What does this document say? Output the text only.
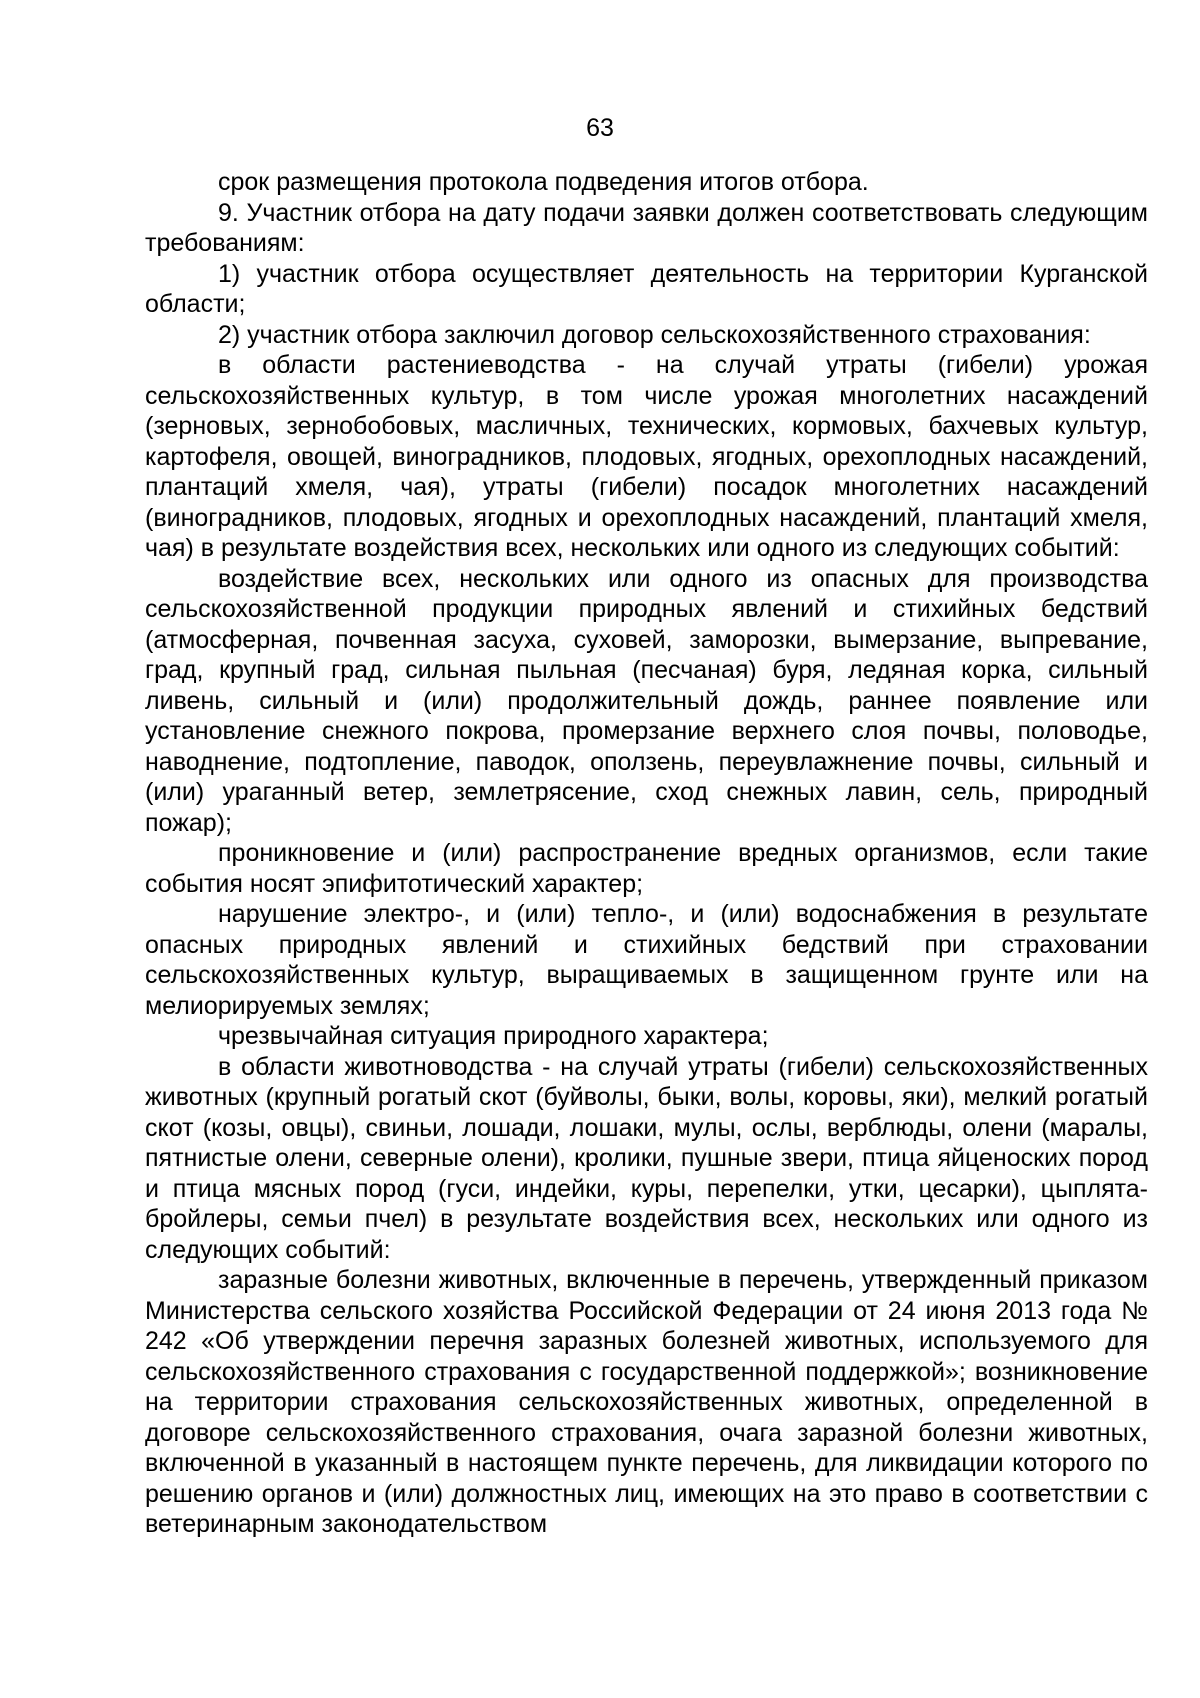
63

срок размещения протокола подведения итогов отбора.

9. Участник отбора на дату подачи заявки должен соответствовать следующим требованиям:

1) участник отбора осуществляет деятельность на территории Курганской области;

2) участник отбора заключил договор сельскохозяйственного страхования:

в области растениеводства - на случай утраты (гибели) урожая сельскохозяйственных культур, в том числе урожая многолетних насаждений (зерновых, зернобобовых, масличных, технических, кормовых, бахчевых культур, картофеля, овощей, виноградников, плодовых, ягодных, орехоплодных насаждений, плантаций хмеля, чая), утраты (гибели) посадок многолетних насаждений (виноградников, плодовых, ягодных и орехоплодных насаждений, плантаций хмеля, чая) в результате воздействия всех, нескольких или одного из следующих событий:

воздействие всех, нескольких или одного из опасных для производства сельскохозяйственной продукции природных явлений и стихийных бедствий (атмосферная, почвенная засуха, суховей, заморозки, вымерзание, выпревание, град, крупный град, сильная пыльная (песчаная) буря, ледяная корка, сильный ливень, сильный и (или) продолжительный дождь, раннее появление или установление снежного покрова, промерзание верхнего слоя почвы, половодье, наводнение, подтопление, паводок, оползень, переувлажнение почвы, сильный и (или) ураганный ветер, землетрясение, сход снежных лавин, сель, природный пожар);

проникновение и (или) распространение вредных организмов, если такие события носят эпифитотический характер;

нарушение электро-, и (или) тепло-, и (или) водоснабжения в результате опасных природных явлений и стихийных бедствий при страховании сельскохозяйственных культур, выращиваемых в защищенном грунте или на мелиорируемых землях;

чрезвычайная ситуация природного характера;

в области животноводства - на случай утраты (гибели) сельскохозяйственных животных (крупный рогатый скот (буйволы, быки, волы, коровы, яки), мелкий рогатый скот (козы, овцы), свиньи, лошади, лошаки, мулы, ослы, верблюды, олени (маралы, пятнистые олени, северные олени), кролики, пушные звери, птица яйценоских пород и птица мясных пород (гуси, индейки, куры, перепелки, утки, цесарки), цыплята-бройлеры, семьи пчел) в результате воздействия всех, нескольких или одного из следующих событий:

заразные болезни животных, включенные в перечень, утвержденный приказом Министерства сельского хозяйства Российской Федерации от 24 июня 2013 года № 242 «Об утверждении перечня заразных болезней животных, используемого для сельскохозяйственного страхования с государственной поддержкой»; возникновение на территории страхования сельскохозяйственных животных, определенной в договоре сельскохозяйственного страхования, очага заразной болезни животных, включенной в указанный в настоящем пункте перечень, для ликвидации которого по решению органов и (или) должностных лиц, имеющих на это право в соответствии с ветеринарным законодательством
